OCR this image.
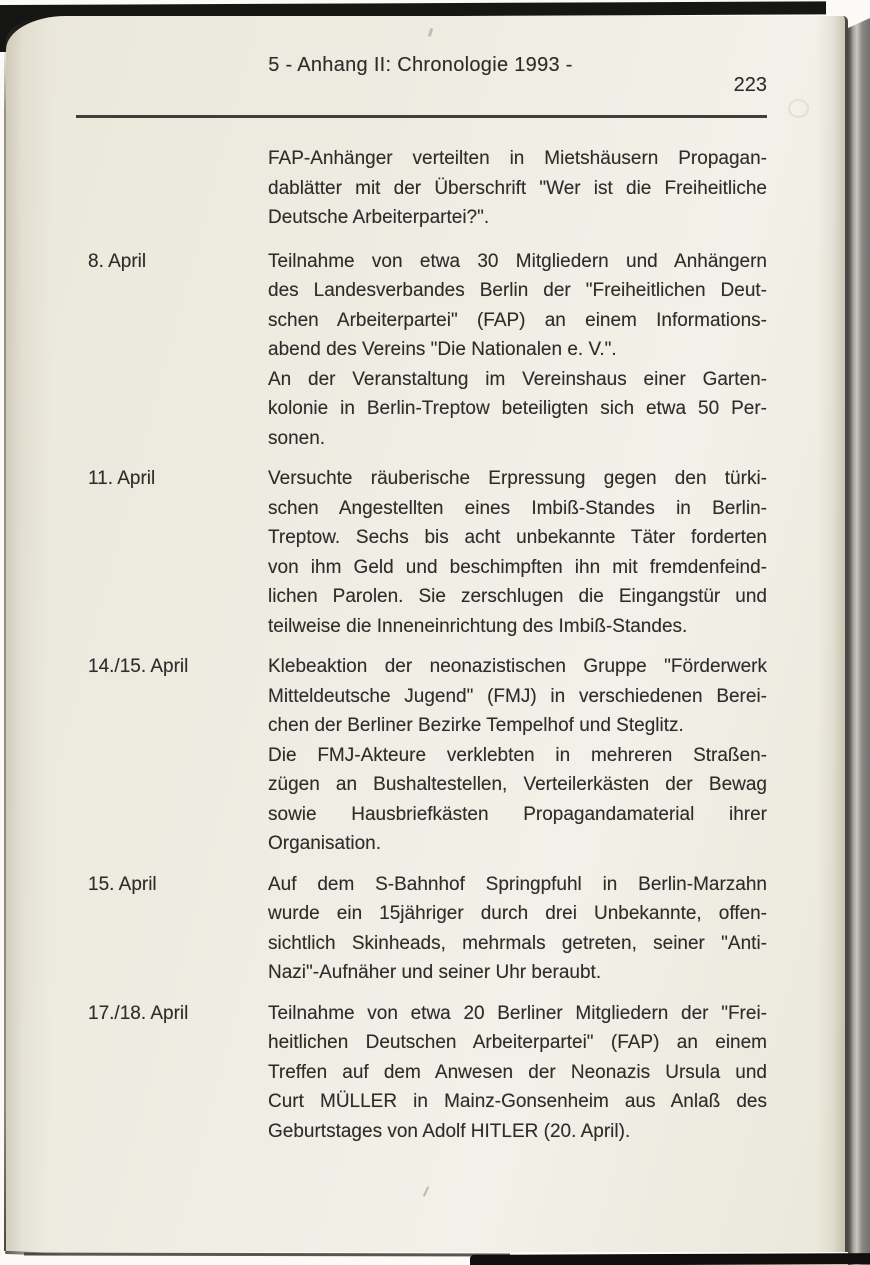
5 - Anhang II: Chronologie 1993 -
223
FAP-Anhänger verteilten in Mietshäusern Propagan-
dablätter mit der Überschrift "Wer ist die Freiheitliche
Deutsche Arbeiterpartei?".
8. April	Teilnahme von etwa 30 Mitgliedern und Anhängern
des Landesverbandes Berlin der "Freiheitlichen Deut-
schen Arbeiterpartei" (FAP) an einem Informations-
abend des Vereins "Die Nationalen e. V.".
An der Veranstaltung im Vereinshaus einer Garten-
kolonie in Berlin-Treptow beteiligten sich etwa 50 Per-
sonen.
11. April	Versuchte räuberische Erpressung gegen den türki-
schen Angestellten eines Imbiß-Standes in Berlin-
Treptow. Sechs bis acht unbekannte Täter forderten
von ihm Geld und beschimpften ihn mit fremdenfeind-
lichen Parolen. Sie zerschlugen die Eingangstür und
teilweise die Inneneinrichtung des Imbiß-Standes.
14./15. April	Klebeaktion der neonazistischen Gruppe "Förderwerk
Mitteldeutsche Jugend" (FMJ) in verschiedenen Berei-
chen der Berliner Bezirke Tempelhof und Steglitz.
Die FMJ-Akteure verklebten in mehreren Straßen-
zügen an Bushaltestellen, Verteilerkästen der Bewag
sowie Hausbriefkästen Propagandamaterial ihrer
Organisation.
15. April	Auf dem S-Bahnhof Springpfuhl in Berlin-Marzahn
wurde ein 15jähriger durch drei Unbekannte, offen-
sichtlich Skinheads, mehrmals getreten, seiner "Anti-
Nazi"-Aufnäher und seiner Uhr beraubt.
17./18. April	Teilnahme von etwa 20 Berliner Mitgliedern der "Frei-
heitlichen Deutschen Arbeiterpartei" (FAP) an einem
Treffen auf dem Anwesen der Neonazis Ursula und
Curt MÜLLER in Mainz-Gonsenheim aus Anlaß des
Geburtstages von Adolf HITLER (20. April).
